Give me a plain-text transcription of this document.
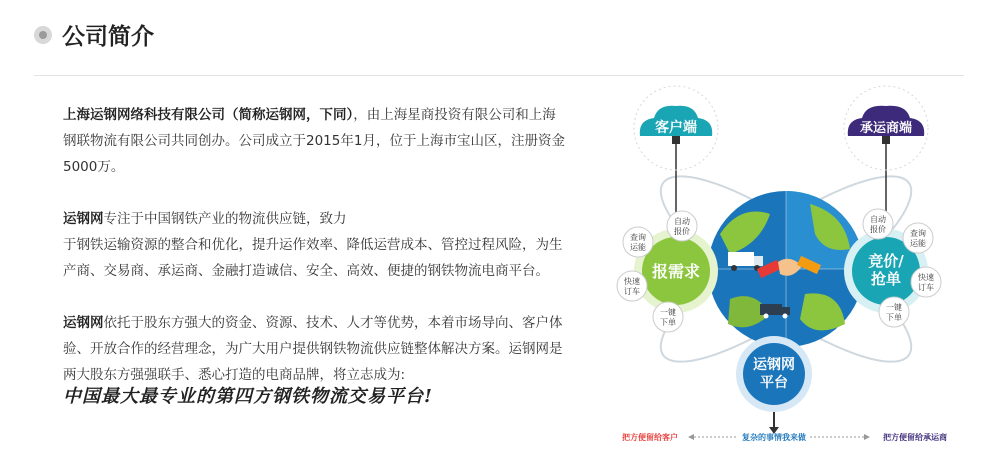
公司简介

上海运钢网络科技有限公司（简称运钢网，下同），由上海星商投资有限公司和上海
钢联物流有限公司共同创办。公司成立于2015年1月，位于上海市宝山区，注册资金
5000万。

运钢网专注于中国钢铁产业的物流供应链，致力
于钢铁运输资源的整合和优化，提升运作效率、降低运营成本、管控过程风险，为生
产商、交易商、承运商、金融打造诚信、安全、高效、便捷的钢铁物流电商平台。

运钢网依托于股东方强大的资金、资源、技术、人才等优势，本着市场导向、客户体
验、开放合作的经营理念，为广大用户提供钢铁物流供应链整体解决方案。运钢网是
两大股东方强强联手、悉心打造的电商品牌，将立志成为:

中国最大最专业的第四方钢铁物流交易平台!
客户端	承运商端
报需求
竞价/
抢单
自动
报价
查询
运能
快速
订车
一键
下单
自动
报价	查询
运能
快速
订车
一键
下单
运钢网
平台
把方便留给客户	复杂的事情我来做	把方便留给承运商
